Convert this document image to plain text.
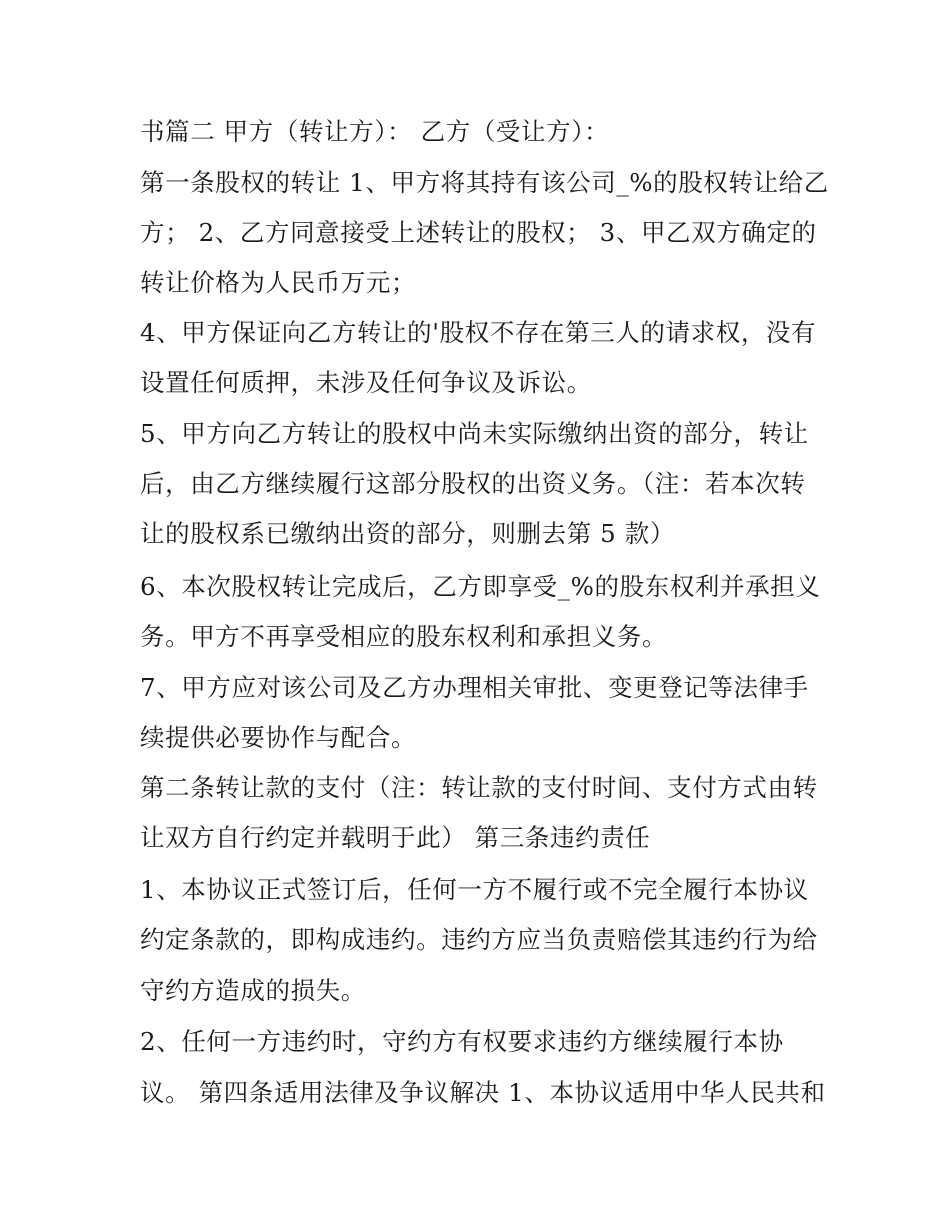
书篇二 甲方（转让方）： 乙方（受让方）：
第一条股权的转让 1、甲方将其持有该公司_%的股权转让给乙
方； 2、乙方同意接受上述转让的股权； 3、甲乙双方确定的
转让价格为人民币万元；
4、甲方保证向乙方转让的'股权不存在第三人的请求权，没有
设置任何质押，未涉及任何争议及诉讼。
5、甲方向乙方转让的股权中尚未实际缴纳出资的部分，转让
后，由乙方继续履行这部分股权的出资义务。（注：若本次转
让的股权系已缴纳出资的部分，则删去第 5 款）
6、本次股权转让完成后，乙方即享受_%的股东权利并承担义
务。甲方不再享受相应的股东权利和承担义务。
7、甲方应对该公司及乙方办理相关审批、变更登记等法律手
续提供必要协作与配合。
第二条转让款的支付（注：转让款的支付时间、支付方式由转
让双方自行约定并载明于此） 第三条违约责任
1、本协议正式签订后，任何一方不履行或不完全履行本协议
约定条款的，即构成违约。违约方应当负责赔偿其违约行为给
守约方造成的损失。
2、任何一方违约时，守约方有权要求违约方继续履行本协
议。 第四条适用法律及争议解决 1、本协议适用中华人民共和
